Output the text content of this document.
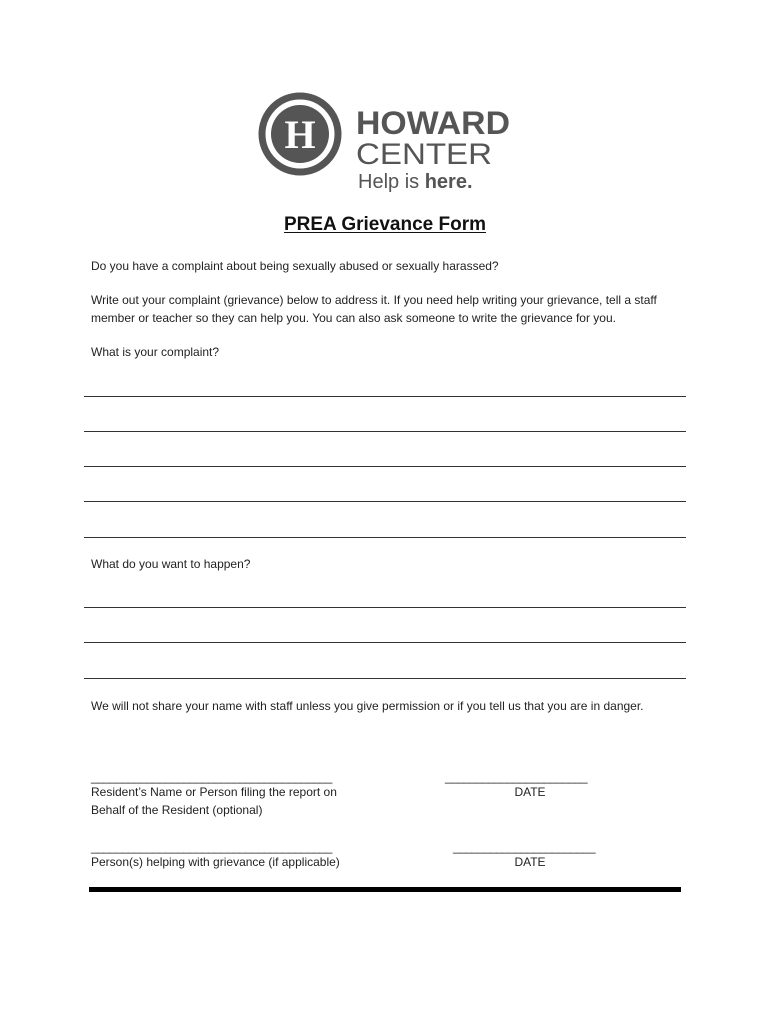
H HOWARD
CENTER
Help is here.
PREA Grievance Form
Do you have a complaint about being sexually abused or sexually harassed?
Write out your complaint (grievance) below to address it. If you need help writing your grievance, tell a staff member or teacher so they can help you. You can also ask someone to write the grievance for you.
What is your complaint?
What do you want to happen?
We will not share your name with staff unless you give permission or if you tell us that you are in danger.
_______________________________________	_______________________
Resident’s Name or Person filing the report on Behalf of the Resident (optional)
DATE
_______________________________________	_______________________
Person(s) helping with grievance (if applicable)	DATE
